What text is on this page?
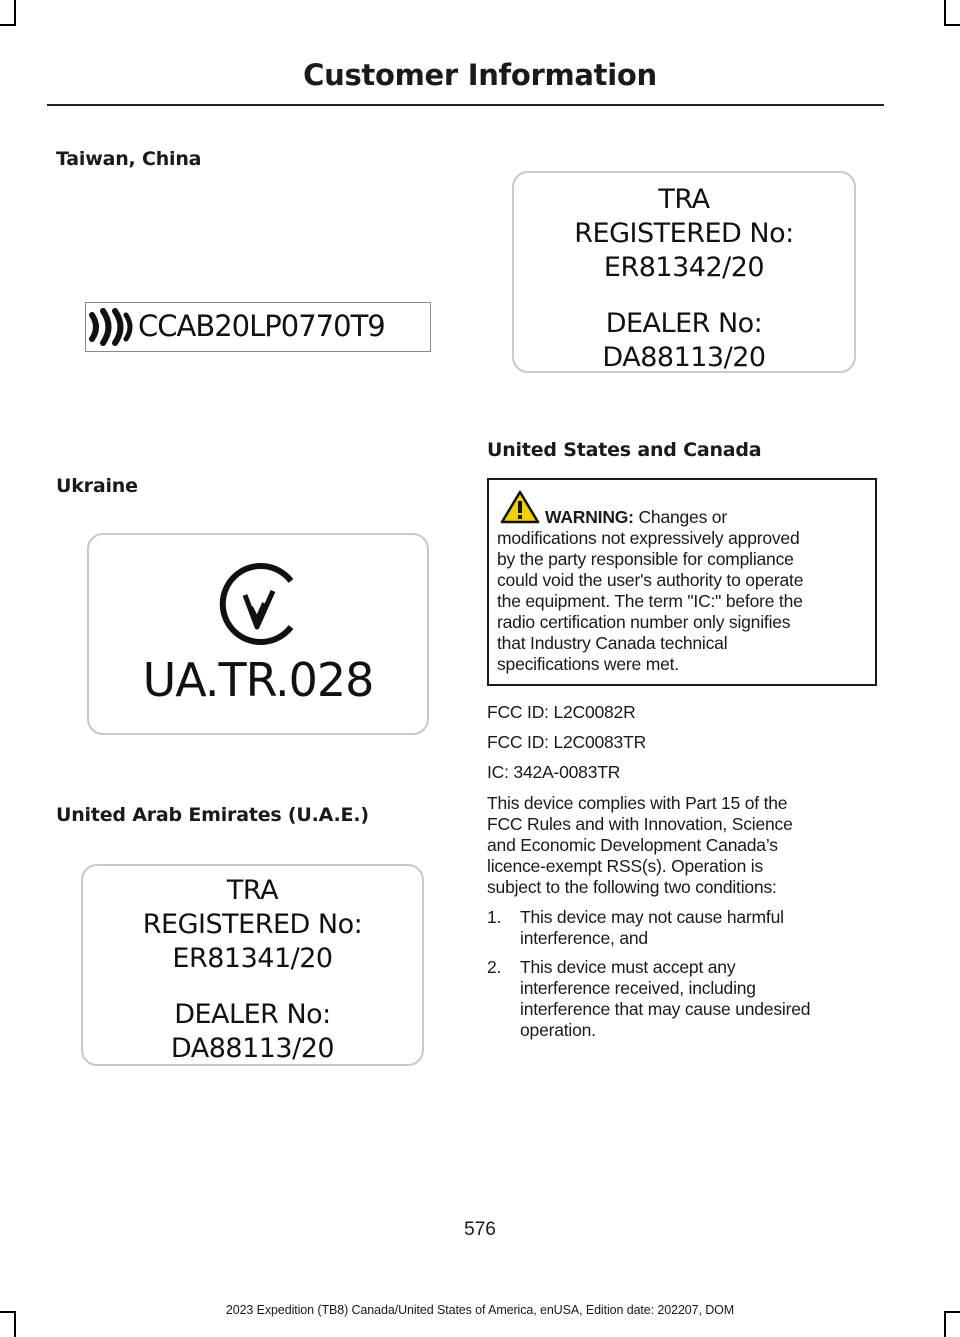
Customer Information
Taiwan, China
CCAB20LP0770T9
TRA
REGISTERED No:
ER81342/20
DEALER No:
DA88113/20
Ukraine
UA.TR.028
United Arab Emirates (U.A.E.)
TRA
REGISTERED No:
ER81341/20
DEALER No:
DA88113/20
United States and Canada
WARNING: Changes or
modifications not expressively approved
by the party responsible for compliance
could void the user's authority to operate
the equipment. The term "IC:" before the
radio certification number only signifies
that Industry Canada technical
specifications were met.
FCC ID: L2C0082R
FCC ID: L2C0083TR
IC: 342A-0083TR
This device complies with Part 15 of the
FCC Rules and with Innovation, Science
and Economic Development Canada’s
licence-exempt RSS(s). Operation is
subject to the following two conditions:
1. This device may not cause harmful
interference, and
2. This device must accept any
interference received, including
interference that may cause undesired
operation.
576
2023 Expedition (TB8) Canada/United States of America, enUSA, Edition date: 202207, DOM
